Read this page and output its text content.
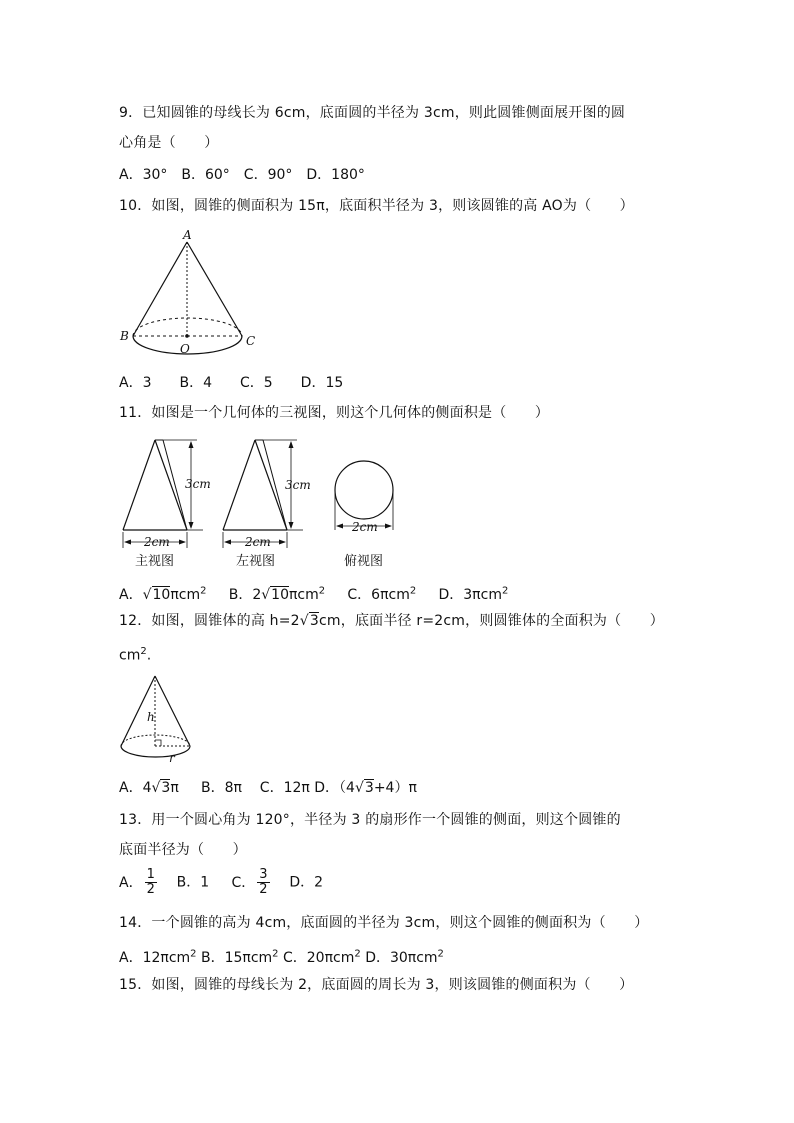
9．已知圆锥的母线长为 6cm，底面圆的半径为 3cm，则此圆锥侧面展开图的圆
心角是（　　）
A．30°　B．60°　C．90°　D．180°
10．如图，圆锥的侧面积为 15π，底面积半径为 3，则该圆锥的高 AO为（　　）
A
B	C
O
A．3　　B．4　　C．5　　D．15
11．如图是一个几何体的三视图，则这个几何体的侧面积是（　　）
3cm
2cm
主视图
3cm
2cm
左视图
2cm
俯视图
A．√10πcm$^2$ B．2√10πcm$^2$ C．6πcm$^2$ D．3πcm$^2$
12．如图，圆锥体的高 h=2√3cm，底面半径 r=2cm，则圆锥体的全面积为（　　）
$cm^2$.
h
r
A．4√3π B．8π C．12π D．（4√3+4）π
13．用一个圆心角为 120°，半径为 3 的扇形作一个圆锥的侧面，则这个圆锥的
底面半径为（　　）
A． $\frac{1}{2}$ B．1 C． $\frac{3}{2}$ D．2
14．一个圆锥的高为 4cm，底面圆的半径为 3cm，则这个圆锥的侧面积为（　　）
A．12πcm$^2$ B．15πcm$^2$ C．20πcm$^2$ D．30πcm$^2$
15．如图，圆锥的母线长为 2，底面圆的周长为 3，则该圆锥的侧面积为（　　）
